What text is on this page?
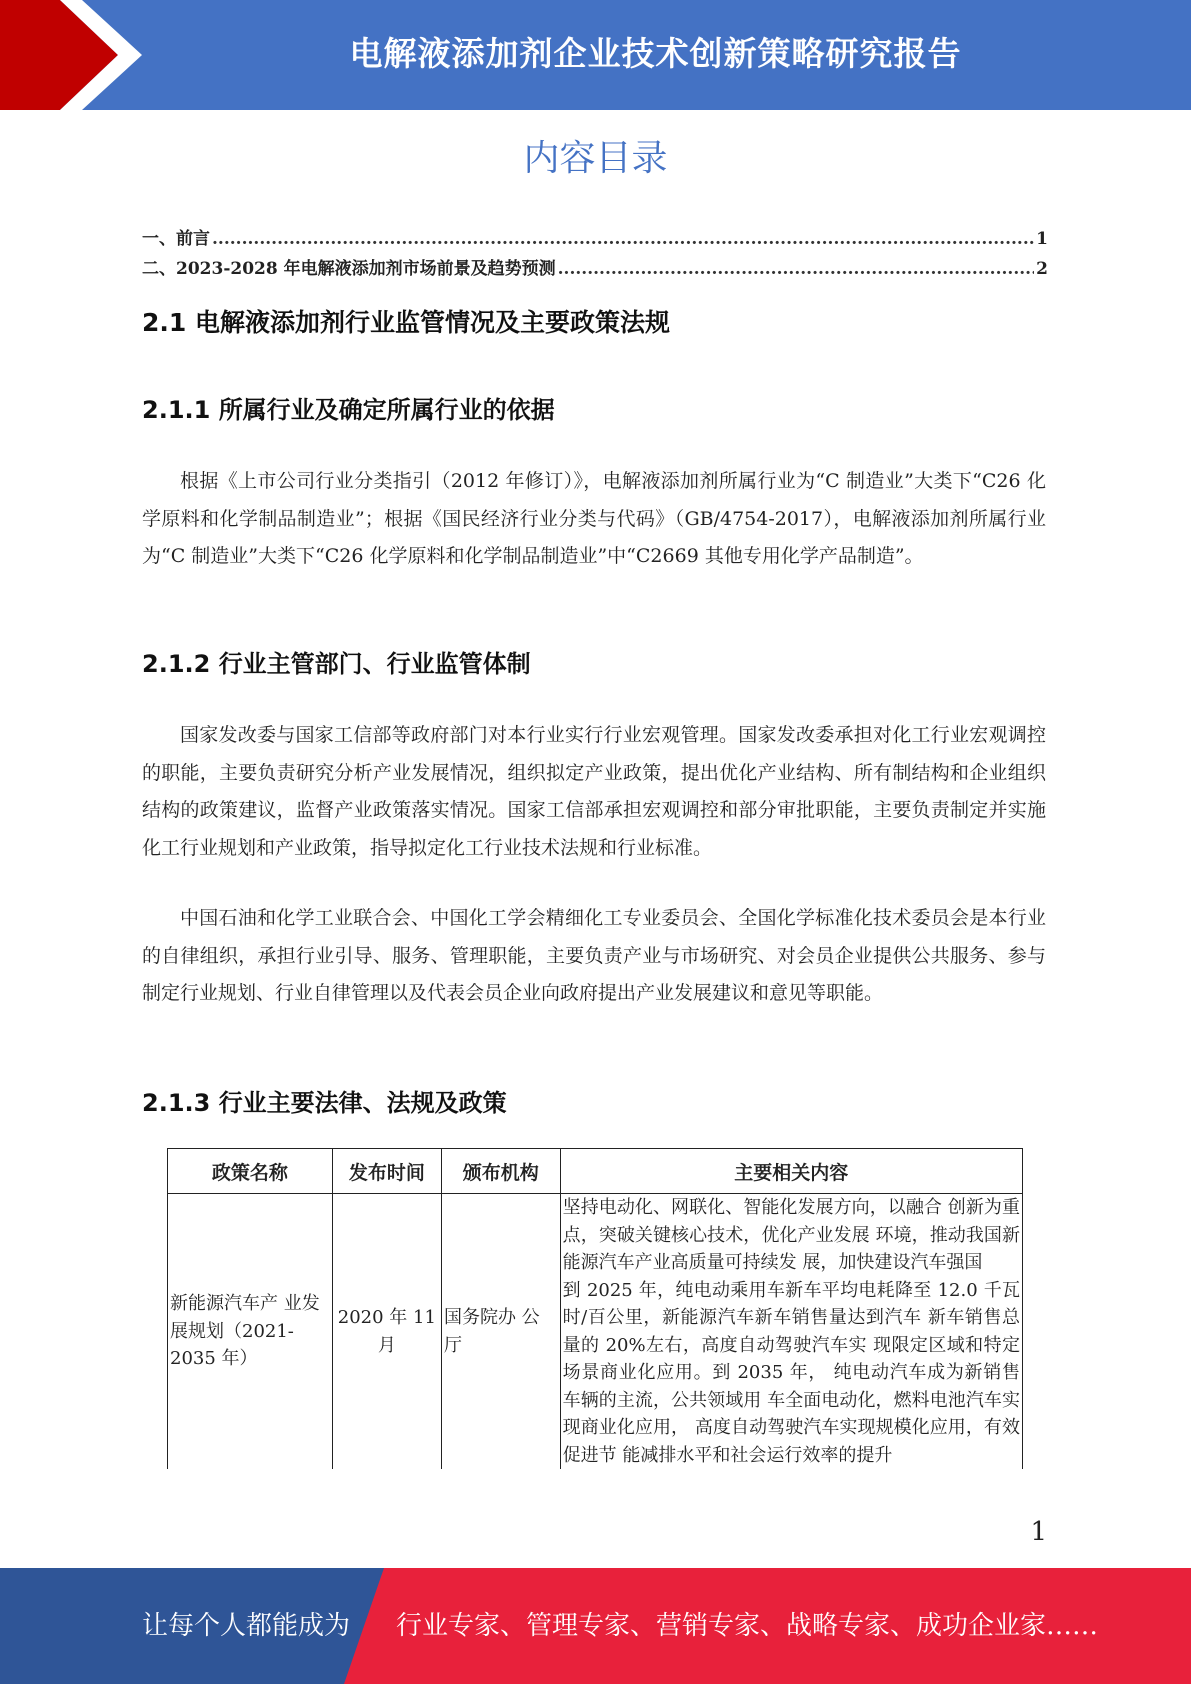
电解液添加剂企业技术创新策略研究报告
内容目录
一、前言 .....	1
二、2023-2028 年电解液添加剂市场前景及趋势预测 .....	2
2.1 电解液添加剂行业监管情况及主要政策法规
2.1.1 所属行业及确定所属行业的依据

根据《上市公司行业分类指引（2012 年修订）》，电解液添加剂所属行业为“C 制造业”大类下“C26 化学原料和化学制品制造业”；根据《国民经济行业分类与代码》（GB/4754-2017），电解液添加剂所属行业为“C 制造业”大类下“C26 化学原料和化学制品制造业”中“C2669 其他专用化学产品制造”。

2.1.2 行业主管部门、行业监管体制

国家发改委与国家工信部等政府部门对本行业实行行业宏观管理。国家发改委承担对化工行业宏观调控的职能，主要负责研究分析产业发展情况，组织拟定产业政策，提出优化产业结构、所有制结构和企业组织结构的政策建议，监督产业政策落实情况。国家工信部承担宏观调控和部分审批职能，主要负责制定并实施化工行业规划和产业政策，指导拟定化工行业技术法规和行业标准。

中国石油和化学工业联合会、中国化工学会精细化工专业委员会、全国化学标准化技术委员会是本行业的自律组织，承担行业引导、服务、管理职能，主要负责产业与市场研究、对会员企业提供公共服务、参与制定行业规划、行业自律管理以及代表会员企业向政府提出产业发展建议和意见等职能。

2.1.3 行业主要法律、法规及政策
政策名称	发布时间	颁布机构	主要相关内容
新能源汽车产 业发展规划（2021-2035 年）	2020 年 11 月	国务院办 公厅	坚持电动化、网联化、智能化发展方向，以融合 创新为重点，突破关键核心技术，优化产业发展 环境，推动我国新能源汽车产业高质量可持续发 展，加快建设汽车强国
到 2025 年，纯电动乘用车新车平均电耗降至 12.0 千瓦时/百公里，新能源汽车新车销售量达到汽车 新车销售总量的 20%左右，高度自动驾驶汽车实 现限定区域和特定场景商业化应用。到 2035 年， 纯电动汽车成为新销售车辆的主流，公共领域用 车全面电动化，燃料电池汽车实现商业化应用， 高度自动驾驶汽车实现规模化应用，有效促进节 能减排水平和社会运行效率的提升
1
让每个人都能成为 行业专家、管理专家、营销专家、战略专家、成功企业家……
